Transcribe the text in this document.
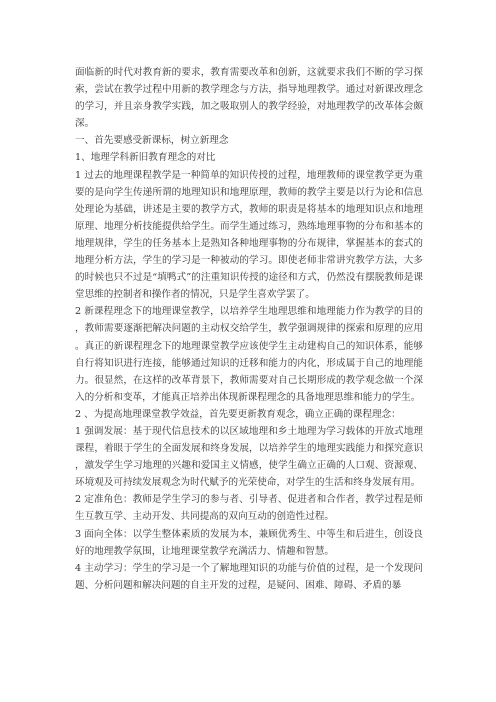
面临新的时代对教育新的要求，教育需要改革和创新，这就要求我们不断的学习探索，尝试在教学过程中用新的教学理念与方法，指导地理教学。通过对新课改理念的学习，并且亲身教学实践，加之吸取别人的教学经验，对地理教学的改革体会颇深。

一、首先要感受新课标，树立新理念

1、地理学科新旧教育理念的对比

1 过去的地理课程教学是一种简单的知识传授的过程，地理教师的课堂教学更为重要的是向学生传递所谓的地理知识和地理原理，教师的教学主要是以行为论和信息处理论为基础，讲述是主要的教学方式，教师的职责是将基本的地理知识点和地理原理、地理分析技能提供给学生。而学生通过练习，熟练地理事物的分布和基本的地理规律，学生的任务基本上是熟知各种地理事物的分布规律，掌握基本的套式的地理分析方法，学生的学习是一种被动的学习。即使老师非常讲究教学方法，大多的时候也只不过是“填鸭式”的注重知识传授的途径和方式，仍然没有摆脱教师是课堂思维的控制者和操作者的情况，只是学生喜欢学罢了。

2 新课程理念下的地理课堂教学，以培养学生地理思维和地理能力作为教学的目的，教师需要逐渐把解决问题的主动权交给学生，教学强调规律的探索和原理的应用。真正的新课程理念下的地理课堂教学应该使学生主动建构自己的知识体系，能够自行将知识进行连接，能够通过知识的迁移和能力的内化，形成属于自己的地理能力。很显然，在这样的改革背景下，教师需要对自己长期形成的教学观念做一个深入的分析和变革，才能真正培养出体现新课程理念的具备地理思维和能力的学生。

2 、为提高地理课堂教学效益，首先要更新教育观念，确立正确的课程理念：

1 强调发展：基于现代信息技术的以区域地理和乡土地理为学习载体的开放式地理课程，着眼于学生的全面发展和终身发展，以培养学生的地理实践能力和探究意识，激发学生学习地理的兴趣和爱国主义情感，使学生确立正确的人口观、资源观、环境观及可持续发展观念为时代赋予的光荣使命，对学生的生活和终身发展有用。

2 定准角色：教师是学生学习的参与者、引导者、促进者和合作者，教学过程是师生互教互学、主动开发、共同提高的双向互动的创造性过程。

3 面向全体：以学生整体素质的发展为本，兼顾优秀生、中等生和后进生，创设良好的地理教学氛围，让地理课堂教学充满活力、情趣和智慧。

4 主动学习：学生的学习是一个了解地理知识的功能与价值的过程，是一个发现问题、分析问题和解决问题的自主开发的过程，是疑问、困难、障碍、矛盾的暴
